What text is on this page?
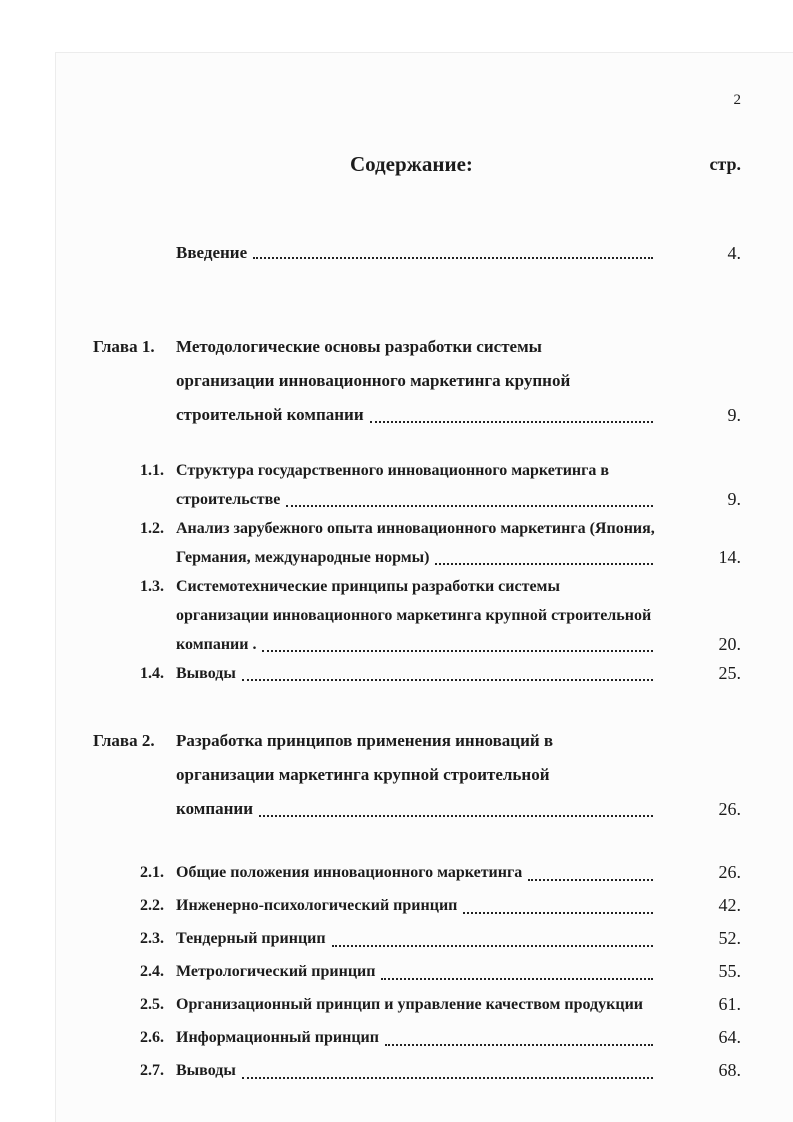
2
Содержание:	стр.
Введение	4.
Глава 1.	Методологические основы разработки системы
организации инновационного маркетинга крупной
строительной компании	9.
1.1. Структура государственного инновационного маркетинга в
строительстве	9.
1.2. Анализ зарубежного опыта инновационного маркетинга (Япония,
Германия, международные нормы)	14.
1.3. Системотехнические принципы разработки системы
организации инновационного маркетинга крупной строительной
компании .	20.
1.4. Выводы	25.
Глава 2.	Разработка принципов применения инноваций в
организации маркетинга крупной строительной
компании	26.
2.1. Общие положения инновационного маркетинга	26.
2.2. Инженерно-психологический принцип	42.
2.3. Тендерный принцип	52.
2.4. Метрологический принцип	55.
2.5. Организационный принцип и управление качеством продукции	61.
2.6. Информационный принцип	64.
2.7. Выводы	68.
